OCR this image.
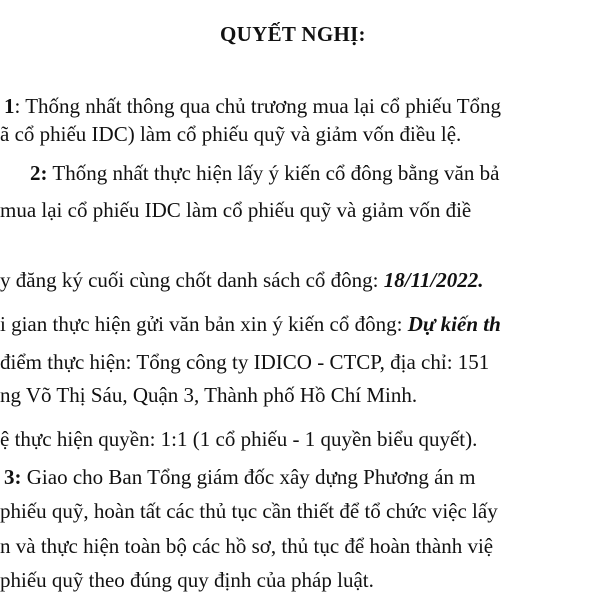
QUYẾT NGHỊ:
1: Thống nhất thông qua chủ trương mua lại cổ phiếu Tổng
ã cổ phiếu IDC) làm cổ phiếu quỹ và giảm vốn điều lệ.
2: Thống nhất thực hiện lấy ý kiến cổ đông bằng văn bả
mua lại cổ phiếu IDC làm cổ phiếu quỹ và giảm vốn điề
y đăng ký cuối cùng chốt danh sách cổ đông: 18/11/2022.
i gian thực hiện gửi văn bản xin ý kiến cổ đông: Dự kiến th
điểm thực hiện: Tổng công ty IDICO - CTCP, địa chỉ: 151
ng Võ Thị Sáu, Quận 3, Thành phố Hồ Chí Minh.
ệ thực hiện quyền: 1:1 (1 cổ phiếu - 1 quyền biểu quyết).
3: Giao cho Ban Tổng giám đốc xây dựng Phương án m
phiếu quỹ, hoàn tất các thủ tục cần thiết để tổ chức việc lấy
n và thực hiện toàn bộ các hồ sơ, thủ tục để hoàn thành việ
phiếu quỹ theo đúng quy định của pháp luật.
